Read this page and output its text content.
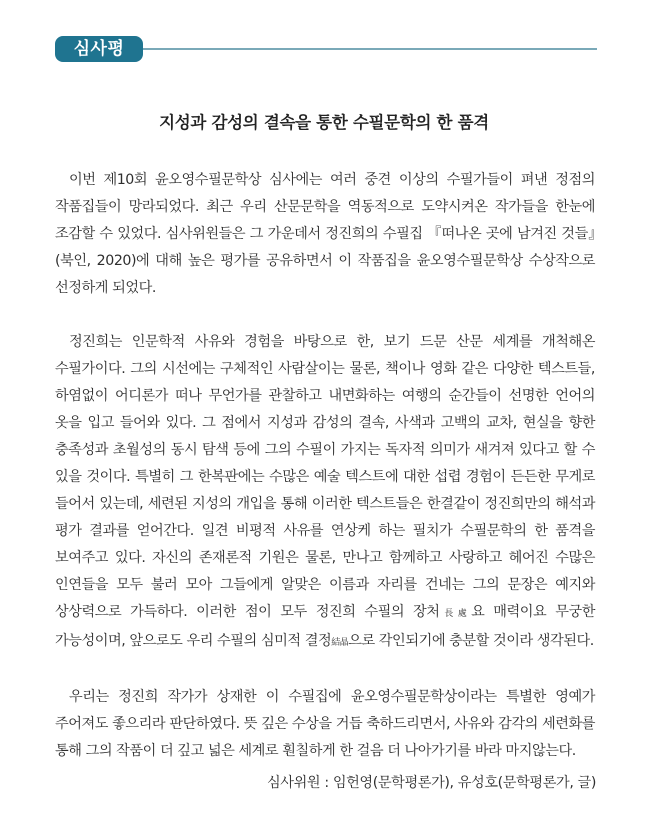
심사평
지성과 감성의 결속을 통한 수필문학의 한 품격

이번 제10회 윤오영수필문학상 심사에는 여러 중견 이상의 수필가들이 펴낸 정점의 작품집들이 망라되었다. 최근 우리 산문문학을 역동적으로 도약시켜온 작가들을 한눈에 조감할 수 있었다. 심사위원들은 그 가운데서 정진희의 수필집 『떠나온 곳에 남겨진 것들』(북인, 2020)에 대해 높은 평가를 공유하면서 이 작품집을 윤오영수필문학상 수상작으로 선정하게 되었다.

정진희는 인문학적 사유와 경험을 바탕으로 한, 보기 드문 산문 세계를 개척해온 수필가이다. 그의 시선에는 구체적인 사람살이는 물론, 책이나 영화 같은 다양한 텍스트들, 하염없이 어디론가 떠나 무언가를 관찰하고 내면화하는 여행의 순간들이 선명한 언어의 옷을 입고 들어와 있다. 그 점에서 지성과 감성의 결속, 사색과 고백의 교차, 현실을 향한 충족성과 초월성의 동시 탐색 등에 그의 수필이 가지는 독자적 의미가 새겨져 있다고 할 수 있을 것이다. 특별히 그 한복판에는 수많은 예술 텍스트에 대한 섭렵 경험이 든든한 무게로 들어서 있는데, 세련된 지성의 개입을 통해 이러한 텍스트들은 한결같이 정진희만의 해석과 평가 결과를 얻어간다. 일견 비평적 사유를 연상케 하는 필치가 수필문학의 한 품격을 보여주고 있다. 자신의 존재론적 기원은 물론, 만나고 함께하고 사랑하고 헤어진 수많은 인연들을 모두 불러 모아 그들에게 알맞은 이름과 자리를 건네는 그의 문장은 예지와 상상력으로 가득하다. 이러한 점이 모두 정진희 수필의 장처長處요 매력이요 무궁한 가능성이며, 앞으로도 우리 수필의 심미적 결정結晶으로 각인되기에 충분할 것이라 생각된다.

우리는 정진희 작가가 상재한 이 수필집에 윤오영수필문학상이라는 특별한 영예가 주어져도 좋으리라 판단하였다. 뜻 깊은 수상을 거듭 축하드리면서, 사유와 감각의 세련화를 통해 그의 작품이 더 깊고 넓은 세계로 훤칠하게 한 걸음 더 나아가기를 바라 마지않는다.

심사위원 : 임헌영(문학평론가), 유성호(문학평론가, 글)
